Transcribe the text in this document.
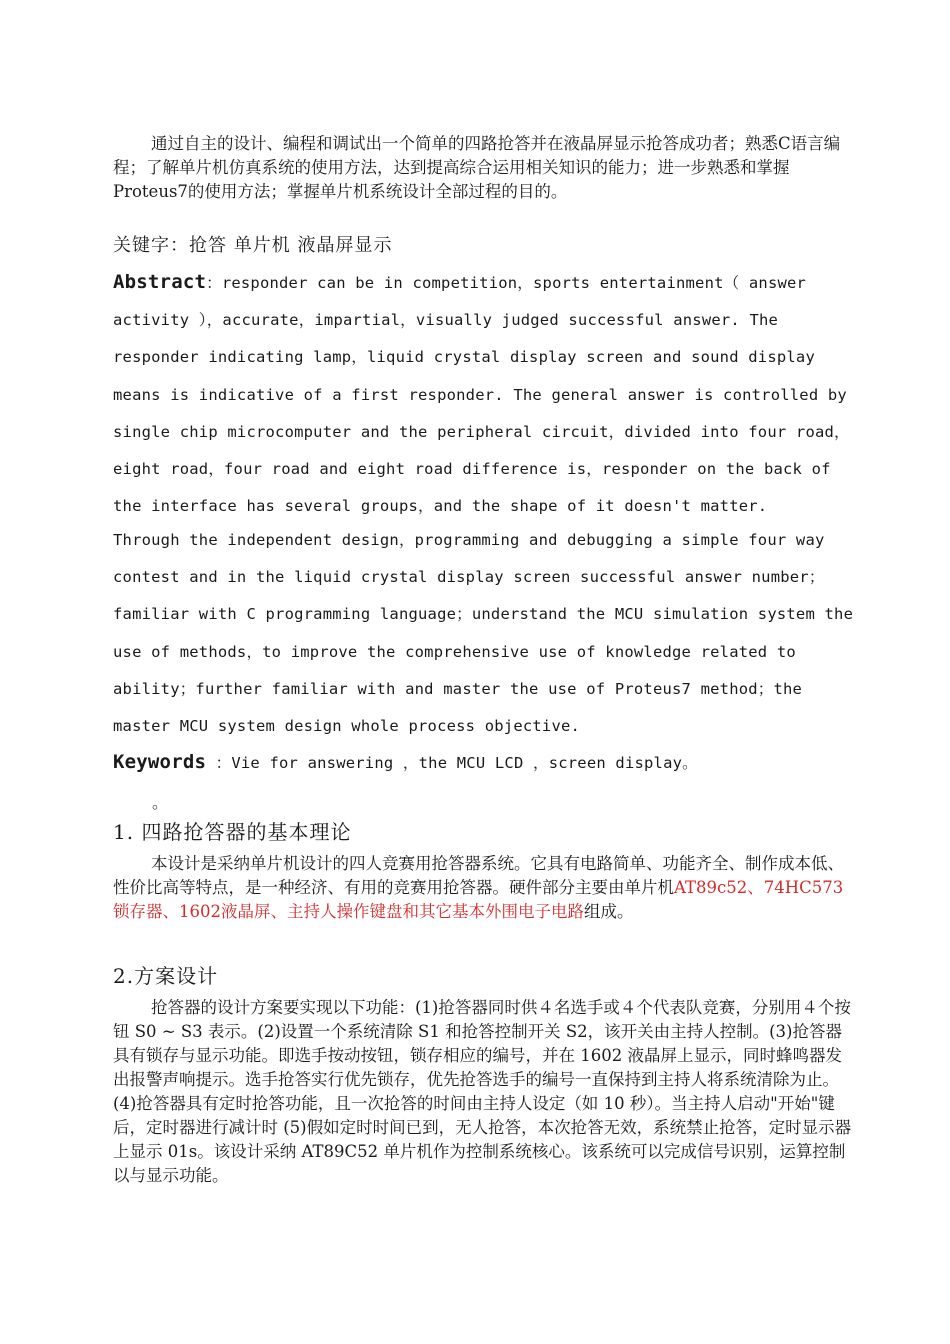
通过自主的设计、编程和调试出一个简单的四路抢答并在液晶屏显示抢答成功者；熟悉C语言编程；了解单片机仿真系统的使用方法，达到提高综合运用相关知识的能力；进一步熟悉和掌握Proteus7的使用方法；掌握单片机系统设计全部过程的目的。

关键字：抢答 单片机 液晶屏显示

Abstract：responder can be in competition，sports entertainment（ answer activity ），accurate，impartial，visually judged successful answer. The responder indicating lamp，liquid crystal display screen and sound display means is indicative of a first responder. The general answer is controlled by single chip microcomputer and the peripheral circuit，divided into four road，eight road，four road and eight road difference is，responder on the back of the interface has several groups，and the shape of it doesn't matter.

Through the independent design，programming and debugging a simple four way contest and in the liquid crystal display screen successful answer number；familiar with C programming language；understand the MCU simulation system the use of methods，to improve the comprehensive use of knowledge related to ability；further familiar with and master the use of Proteus7 method；the master MCU system design whole process objective.

Keywords ：Vie for answering ，the MCU LCD ，screen display。

。

1. 四路抢答器的基本理论

本设计是采纳单片机设计的四人竞赛用抢答器系统。它具有电路简单、功能齐全、制作成本低、性价比高等特点，是一种经济、有用的竞赛用抢答器。硬件部分主要由单片机AT89c52、74HC573锁存器、1602液晶屏、主持人操作键盘和其它基本外围电子电路组成。

2.方案设计

抢答器的设计方案要实现以下功能：(1)抢答器同时供４名选手或４个代表队竞赛，分别用４个按钮 S0 ~ S3 表示。(2)设置一个系统清除 S1 和抢答控制开关 S2，该开关由主持人控制。(3)抢答器具有锁存与显示功能。即选手按动按钮，锁存相应的编号，并在 1602 液晶屏上显示，同时蜂鸣器发出报警声响提示。选手抢答实行优先锁存，优先抢答选手的编号一直保持到主持人将系统清除为止。(4)抢答器具有定时抢答功能，且一次抢答的时间由主持人设定（如 10 秒）。当主持人启动"开始"键后，定时器进行减计时 (5)假如定时时间已到，无人抢答，本次抢答无效，系统禁止抢答，定时显示器上显示 01s。该设计采纳 AT89C52 单片机作为控制系统核心。该系统可以完成信号识别，运算控制以与显示功能。
